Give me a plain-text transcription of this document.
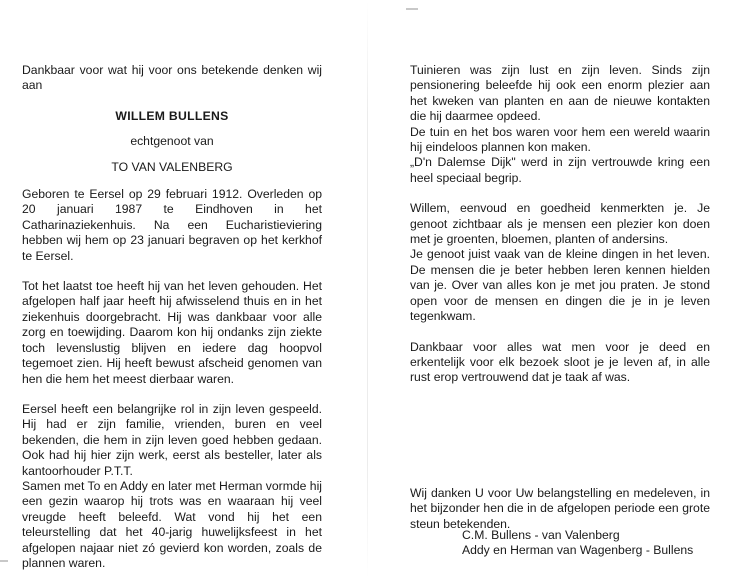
Dankbaar voor wat hij voor ons betekende denken wij aan

WILLEM BULLENS

echtgenoot van

TO VAN VALENBERG

Geboren te Eersel op 29 februari 1912. Overleden op 20 januari 1987 te Eindhoven in het Catharinaziekenhuis. Na een Eucharistieviering hebben wij hem op 23 januari begraven op het kerkhof te Eersel.

Tot het laatst toe heeft hij van het leven gehouden. Het afgelopen half jaar heeft hij afwisselend thuis en in het ziekenhuis doorgebracht. Hij was dankbaar voor alle zorg en toewijding. Daarom kon hij ondanks zijn ziekte toch levenslustig blijven en iedere dag hoopvol tegemoet zien. Hij heeft bewust afscheid genomen van hen die hem het meest dierbaar waren.

Eersel heeft een belangrijke rol in zijn leven gespeeld. Hij had er zijn familie, vrienden, buren en veel bekenden, die hem in zijn leven goed hebben gedaan. Ook had hij hier zijn werk, eerst als besteller, later als kantoorhouder P.T.T.

Samen met To en Addy en later met Herman vormde hij een gezin waarop hij trots was en waaraan hij veel vreugde heeft beleefd. Wat vond hij het een teleurstelling dat het 40-jarig huwelijksfeest in het afgelopen najaar niet zó gevierd kon worden, zoals de plannen waren.

Tuinieren was zijn lust en zijn leven. Sinds zijn pensionering beleefde hij ook een enorm plezier aan het kweken van planten en aan de nieuwe kontakten die hij daarmee opdeed.

De tuin en het bos waren voor hem een wereld waarin hij eindeloos plannen kon maken.

„D'n Dalemse Dijk" werd in zijn vertrouwde kring een heel speciaal begrip.

Willem, eenvoud en goedheid kenmerkten je. Je genoot zichtbaar als je mensen een plezier kon doen met je groenten, bloemen, planten of andersins.

Je genoot juist vaak van de kleine dingen in het leven. De mensen die je beter hebben leren kennen hielden van je. Over van alles kon je met jou praten. Je stond open voor de mensen en dingen die je in je leven tegenkwam.

Dankbaar voor alles wat men voor je deed en erkentelijk voor elk bezoek sloot je je leven af, in alle rust erop vertrouwend dat je taak af was.

Wij danken U voor Uw belangstelling en medeleven, in het bijzonder hen die in de afgelopen periode een grote steun betekenden.

C.M. Bullens - van Valenberg
Addy en Herman van Wagenberg - Bullens
